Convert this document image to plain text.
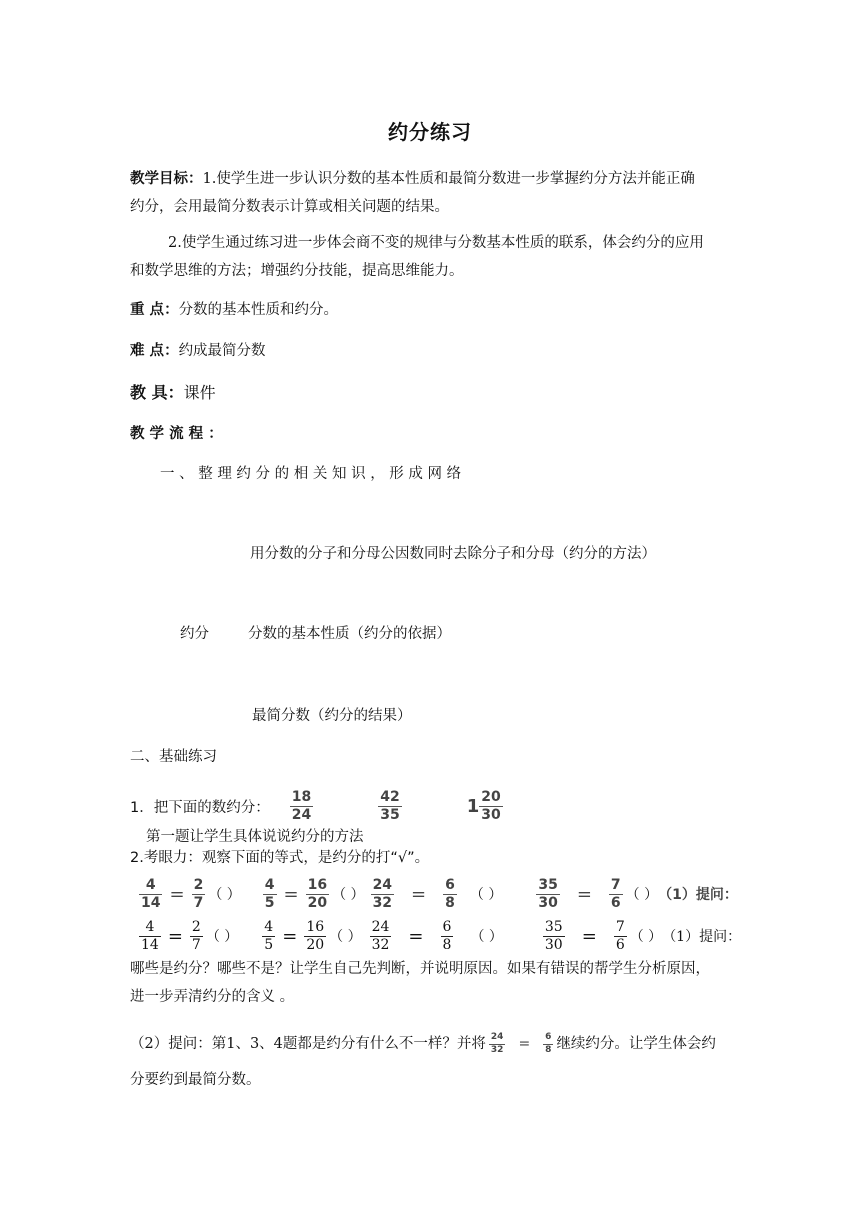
约分练习
教学目标：1.使学生进一步认识分数的基本性质和最简分数进一步掌握约分方法并能正确
约分，会用最简分数表示计算或相关问题的结果。
2.使学生通过练习进一步体会商不变的规律与分数基本性质的联系，体会约分的应用
和数学思维的方法；增强约分技能，提高思维能力。
重 点：分数的基本性质和约分。
难 点：约成最简分数
教 具：课件
教 学 流 程 ：
一 、 整 理 约 分 的 相 关 知 识 ， 形 成 网 络
用分数的分子和分母公因数同时去除分子和分母（约分的方法）
约分	分数的基本性质（约分的依据）
最简分数（约分的结果）
二、基础练习
1．把下面的数约分： $\frac{18}{24}$	$\frac{42}{35}$	$1 \frac{20}{30}$
第一题让学生具体说说约分的方法
2.考眼力：观察下面的等式，是约分的打“√”。
$\frac{4}{14} = \frac{2}{7}$ （ ） $\frac{4}{5} = \frac{16}{20}$ （ ） $\frac{24}{32} = \frac{6}{8}$ （ ） $\frac{35}{30} = \frac{7}{6}$ （ ） （1）提问：
$\frac{4}{14} = \frac{2}{7}$ （ ） $\frac{4}{5} = \frac{16}{20}$ （ ） $\frac{24}{32} = \frac{6}{8}$ （ ）	$\frac{35}{30} = \frac{7}{6}$ （ ） （1）提问：
哪些是约分？哪些不是？让学生自己先判断，并说明原因。如果有错误的帮学生分析原因，
进一步弄清约分的含义 。
（2）提问：第1、3、4题都是约分有什么不一样？并将 $\frac{24}{32} = \frac{6}{8}$ 继续约分。让学生体会约
分要约到最简分数。
